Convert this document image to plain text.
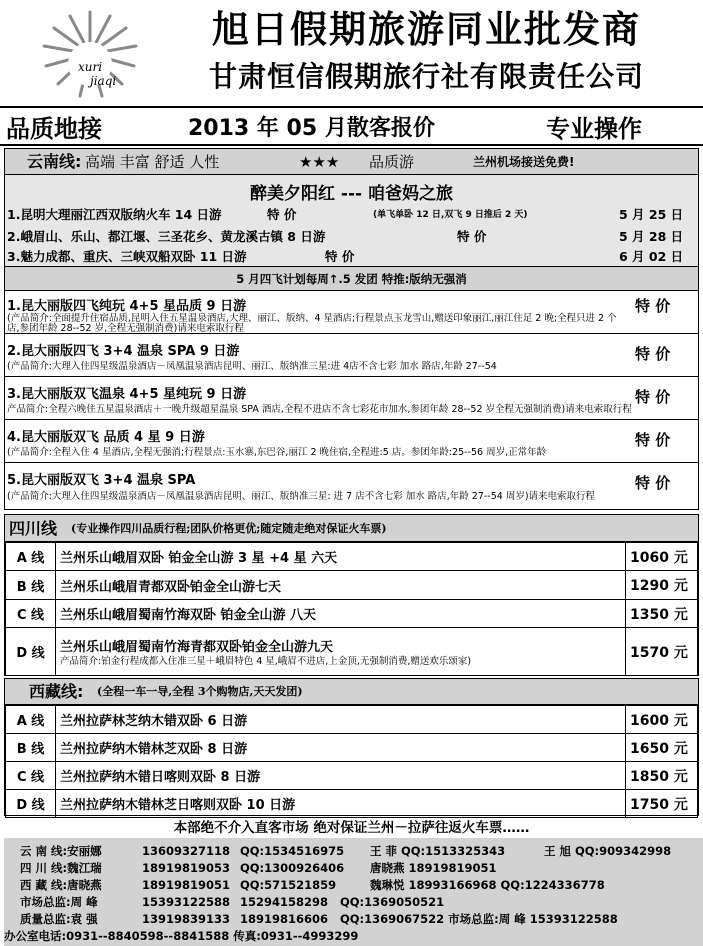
xuri
jiaqi
旭日假期旅游同业批发商
甘肃恒信假期旅行社有限责任公司
品质地接	2013 年 05 月散客报价	专业操作
云南线: 高端 丰富 舒适 人性	★★★ 品质游	兰州机场接送免费!
醉美夕阳红 --- 咱爸妈之旅
1.昆明大理丽江西双版纳火车 14 日游	特 价	(单飞单卧 12 日,双飞 9 日推后 2 天)	5 月 25 日
2.峨眉山、乐山、都江堰、三圣花乡、黄龙溪古镇 8 日游	特 价	5 月 28 日
3.魅力成都、重庆、三峡双船双卧 11 日游	特 价	6 月 02 日
5 月四飞计划每周↑.5 发团 特推:版纳无强消
1.昆大丽版四飞纯玩 4+5 星品质 9 日游	特 价
(产品简介:全面提升住宿品质,昆明入住五星温泉酒店,大理、丽江、版纳、4 星酒店;行程景点玉龙雪山,赠送印象丽江,丽江住足 2 晚;全程只进 2 个
店,参团年龄 28--52 岁,全程无强制消费)请来电索取行程
2.昆大丽版四飞 3+4 温泉 SPA 9 日游	特 价
(产品简介:大理入住四星级温泉酒店－凤凰温泉酒店昆明、丽江、版纳准三星:进 4店不含七彩 加水 路店,年龄 27--54
3.昆大丽版双飞温泉 4+5 星纯玩 9 日游	特 价
产品简介:全程六晚住五星温泉酒店＋一晚升级超星温泉 SPA 酒店,全程不进店不含七彩花市加水,参团年龄 28--52 岁全程无强制消费)请来电索取行程
4.昆大丽版双飞 品质 4 星 9 日游	特 价
(产品简介:全程入住 4 星酒店,全程无强消;行程景点:玉水寨,东巴谷,丽江 2 晚住宿,全程进:5 店。参团年龄:25--56 周岁,正常年龄
5.昆大丽版双飞 3+4 温泉 SPA	特 价
(产品简介:大理入住四星级温泉酒店－凤凰温泉酒店昆明、丽江、版纳准三星: 进 7 店不含七彩 加水 路店,年龄 27--54 周岁)请来电索取行程
四川线 (专业操作四川品质行程;团队价格更优;随定随走绝对保证火车票)
A 线	兰州乐山峨眉双卧 铂金全山游 3 星 +4 星 六天	1060 元
B 线	兰州乐山峨眉青都双卧铂金全山游七天	1290 元
C 线	兰州乐山峨眉蜀南竹海双卧 铂金全山游 八天	1350 元
D 线	兰州乐山峨眉蜀南竹海青都双卧铂金全山游九天
产品简介:铂金行程成都入住准三星＋峨眉特色 4 星,峨眉不进店,上金顶,无强制消费,赠送欢乐颂家)	1570 元
西藏线: (全程一车一导,全程 3个购物店,天天发团)
A 线	兰州拉萨林芝纳木错双卧 6 日游	1600 元
B 线	兰州拉萨纳木错林芝双卧 8 日游	1650 元
C 线	兰州拉萨纳木错日喀则双卧 8 日游	1850 元
D 线	兰州拉萨纳木错林芝日喀则双卧 10 日游	1750 元
本部绝不介入直客市场 绝对保证兰州－拉萨往返火车票……
云 南 线:安丽娜	13609327118 QQ:1534516975 王 菲 QQ:1513325343	王 旭 QQ:909342998
四 川 线:魏江瑞	18919819053 QQ:1300926406 唐晓燕 18919819051
西 藏 线:唐晓燕	18919819051 QQ:571521859	魏琳悦 18993166968 QQ:1224336778
市场总监:周 峰	15393122588 15294158298 QQ:1369050521
质量总监:袁 强	13919839133 18919816606 QQ:1369067522 市场总监:周 峰 15393122588
办公室电话:0931--8840598--8841588 传真:0931--4993299
